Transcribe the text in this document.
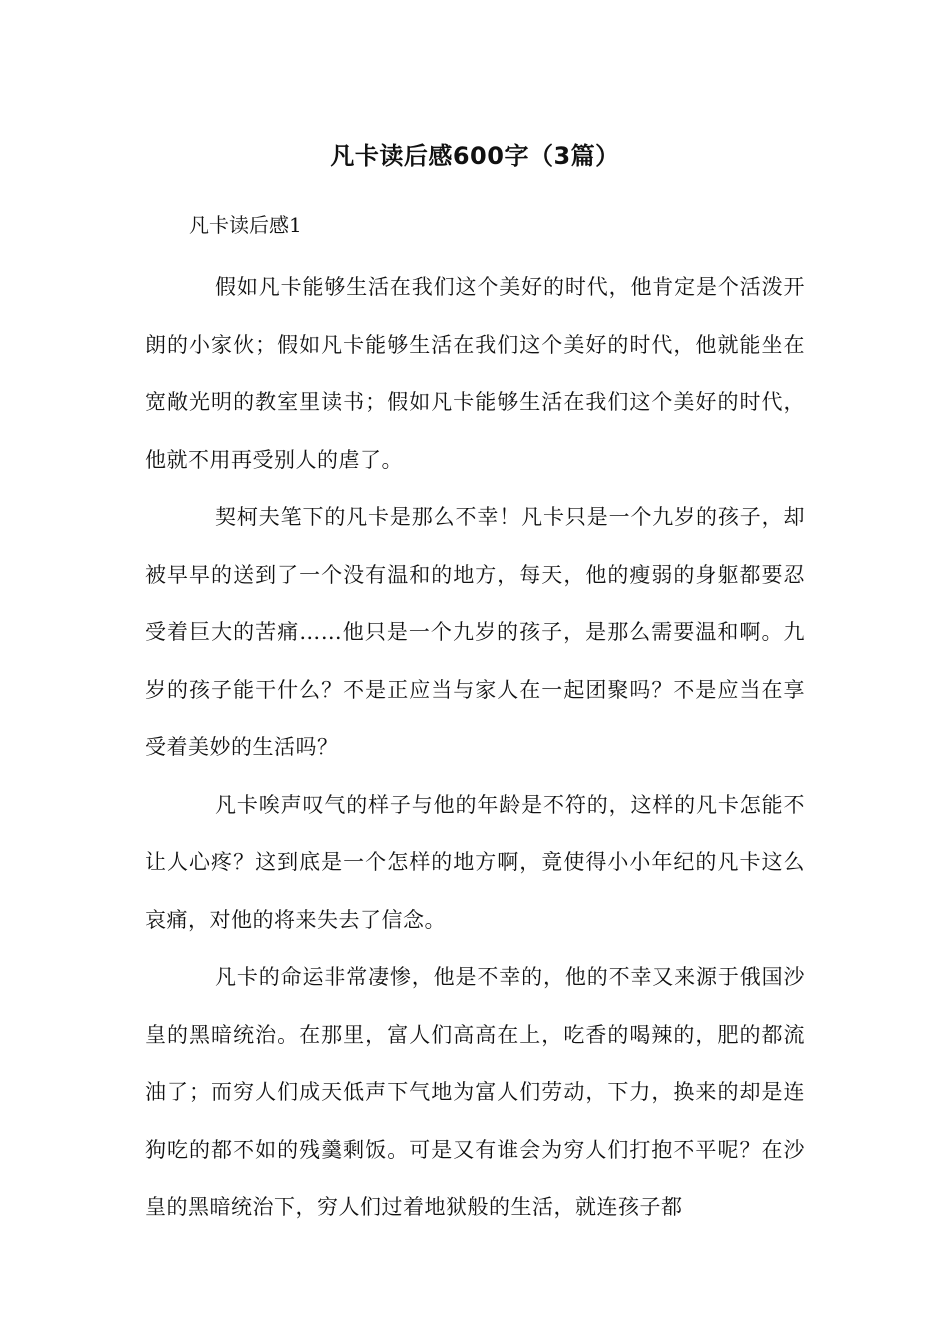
凡卡读后感600字（3篇）
凡卡读后感1

假如凡卡能够生活在我们这个美好的时代，他肯定是个活泼开朗的小家伙；假如凡卡能够生活在我们这个美好的时代，他就能坐在宽敞光明的教室里读书；假如凡卡能够生活在我们这个美好的时代，他就不用再受别人的虐了。

契柯夫笔下的凡卡是那么不幸！凡卡只是一个九岁的孩子，却被早早的送到了一个没有温和的地方，每天，他的瘦弱的身躯都要忍受着巨大的苦痛……他只是一个九岁的孩子，是那么需要温和啊。九岁的孩子能干什么？不是正应当与家人在一起团聚吗？不是应当在享受着美妙的生活吗？

凡卡唉声叹气的样子与他的年龄是不符的，这样的凡卡怎能不让人心疼？这到底是一个怎样的地方啊，竟使得小小年纪的凡卡这么哀痛，对他的将来失去了信念。

凡卡的命运非常凄惨，他是不幸的，他的不幸又来源于俄国沙皇的黑暗统治。在那里，富人们高高在上，吃香的喝辣的，肥的都流油了；而穷人们成天低声下气地为富人们劳动，下力，换来的却是连狗吃的都不如的残羹剩饭。可是又有谁会为穷人们打抱不平呢？在沙皇的黑暗统治下，穷人们过着地狱般的生活，就连孩子都
